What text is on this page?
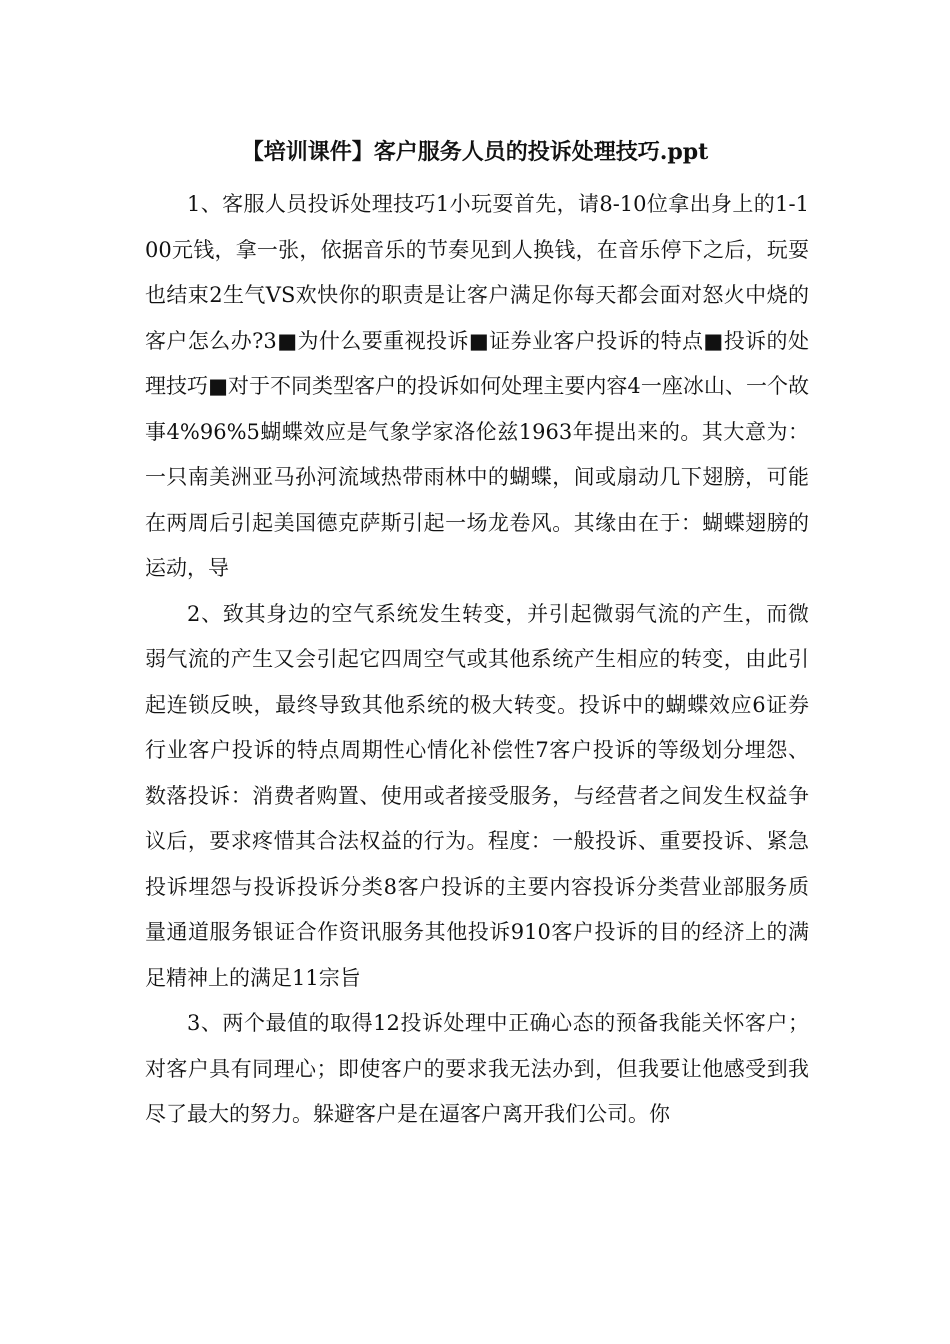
【培训课件】客户服务人员的投诉处理技巧.ppt

1、客服人员投诉处理技巧1小玩耍首先，请8-10位拿出身上的1-100元钱，拿一张，依据音乐的节奏见到人换钱，在音乐停下之后，玩耍也结束2生气VS欢快你的职责是让客户满足你每天都会面对怒火中烧的客户怎么办?3■为什么要重视投诉■证券业客户投诉的特点■投诉的处理技巧■对于不同类型客户的投诉如何处理主要内容4一座冰山、一个故事4%96%5蝴蝶效应是气象学家洛伦兹1963年提出来的。其大意为：一只南美洲亚马孙河流域热带雨林中的蝴蝶，间或扇动几下翅膀，可能在两周后引起美国德克萨斯引起一场龙卷风。其缘由在于：蝴蝶翅膀的运动，导

2、致其身边的空气系统发生转变，并引起微弱气流的产生，而微弱气流的产生又会引起它四周空气或其他系统产生相应的转变，由此引起连锁反映，最终导致其他系统的极大转变。投诉中的蝴蝶效应6证券行业客户投诉的特点周期性心情化补偿性7客户投诉的等级划分埋怨、数落投诉：消费者购置、使用或者接受服务，与经营者之间发生权益争议后，要求疼惜其合法权益的行为。程度：一般投诉、重要投诉、紧急投诉埋怨与投诉投诉分类8客户投诉的主要内容投诉分类营业部服务质量通道服务银证合作资讯服务其他投诉910客户投诉的目的经济上的满足精神上的满足11宗旨

3、两个最值的取得12投诉处理中正确心态的预备我能关怀客户；对客户具有同理心；即使客户的要求我无法办到，但我要让他感受到我尽了最大的努力。躲避客户是在逼客户离开我们公司。你
